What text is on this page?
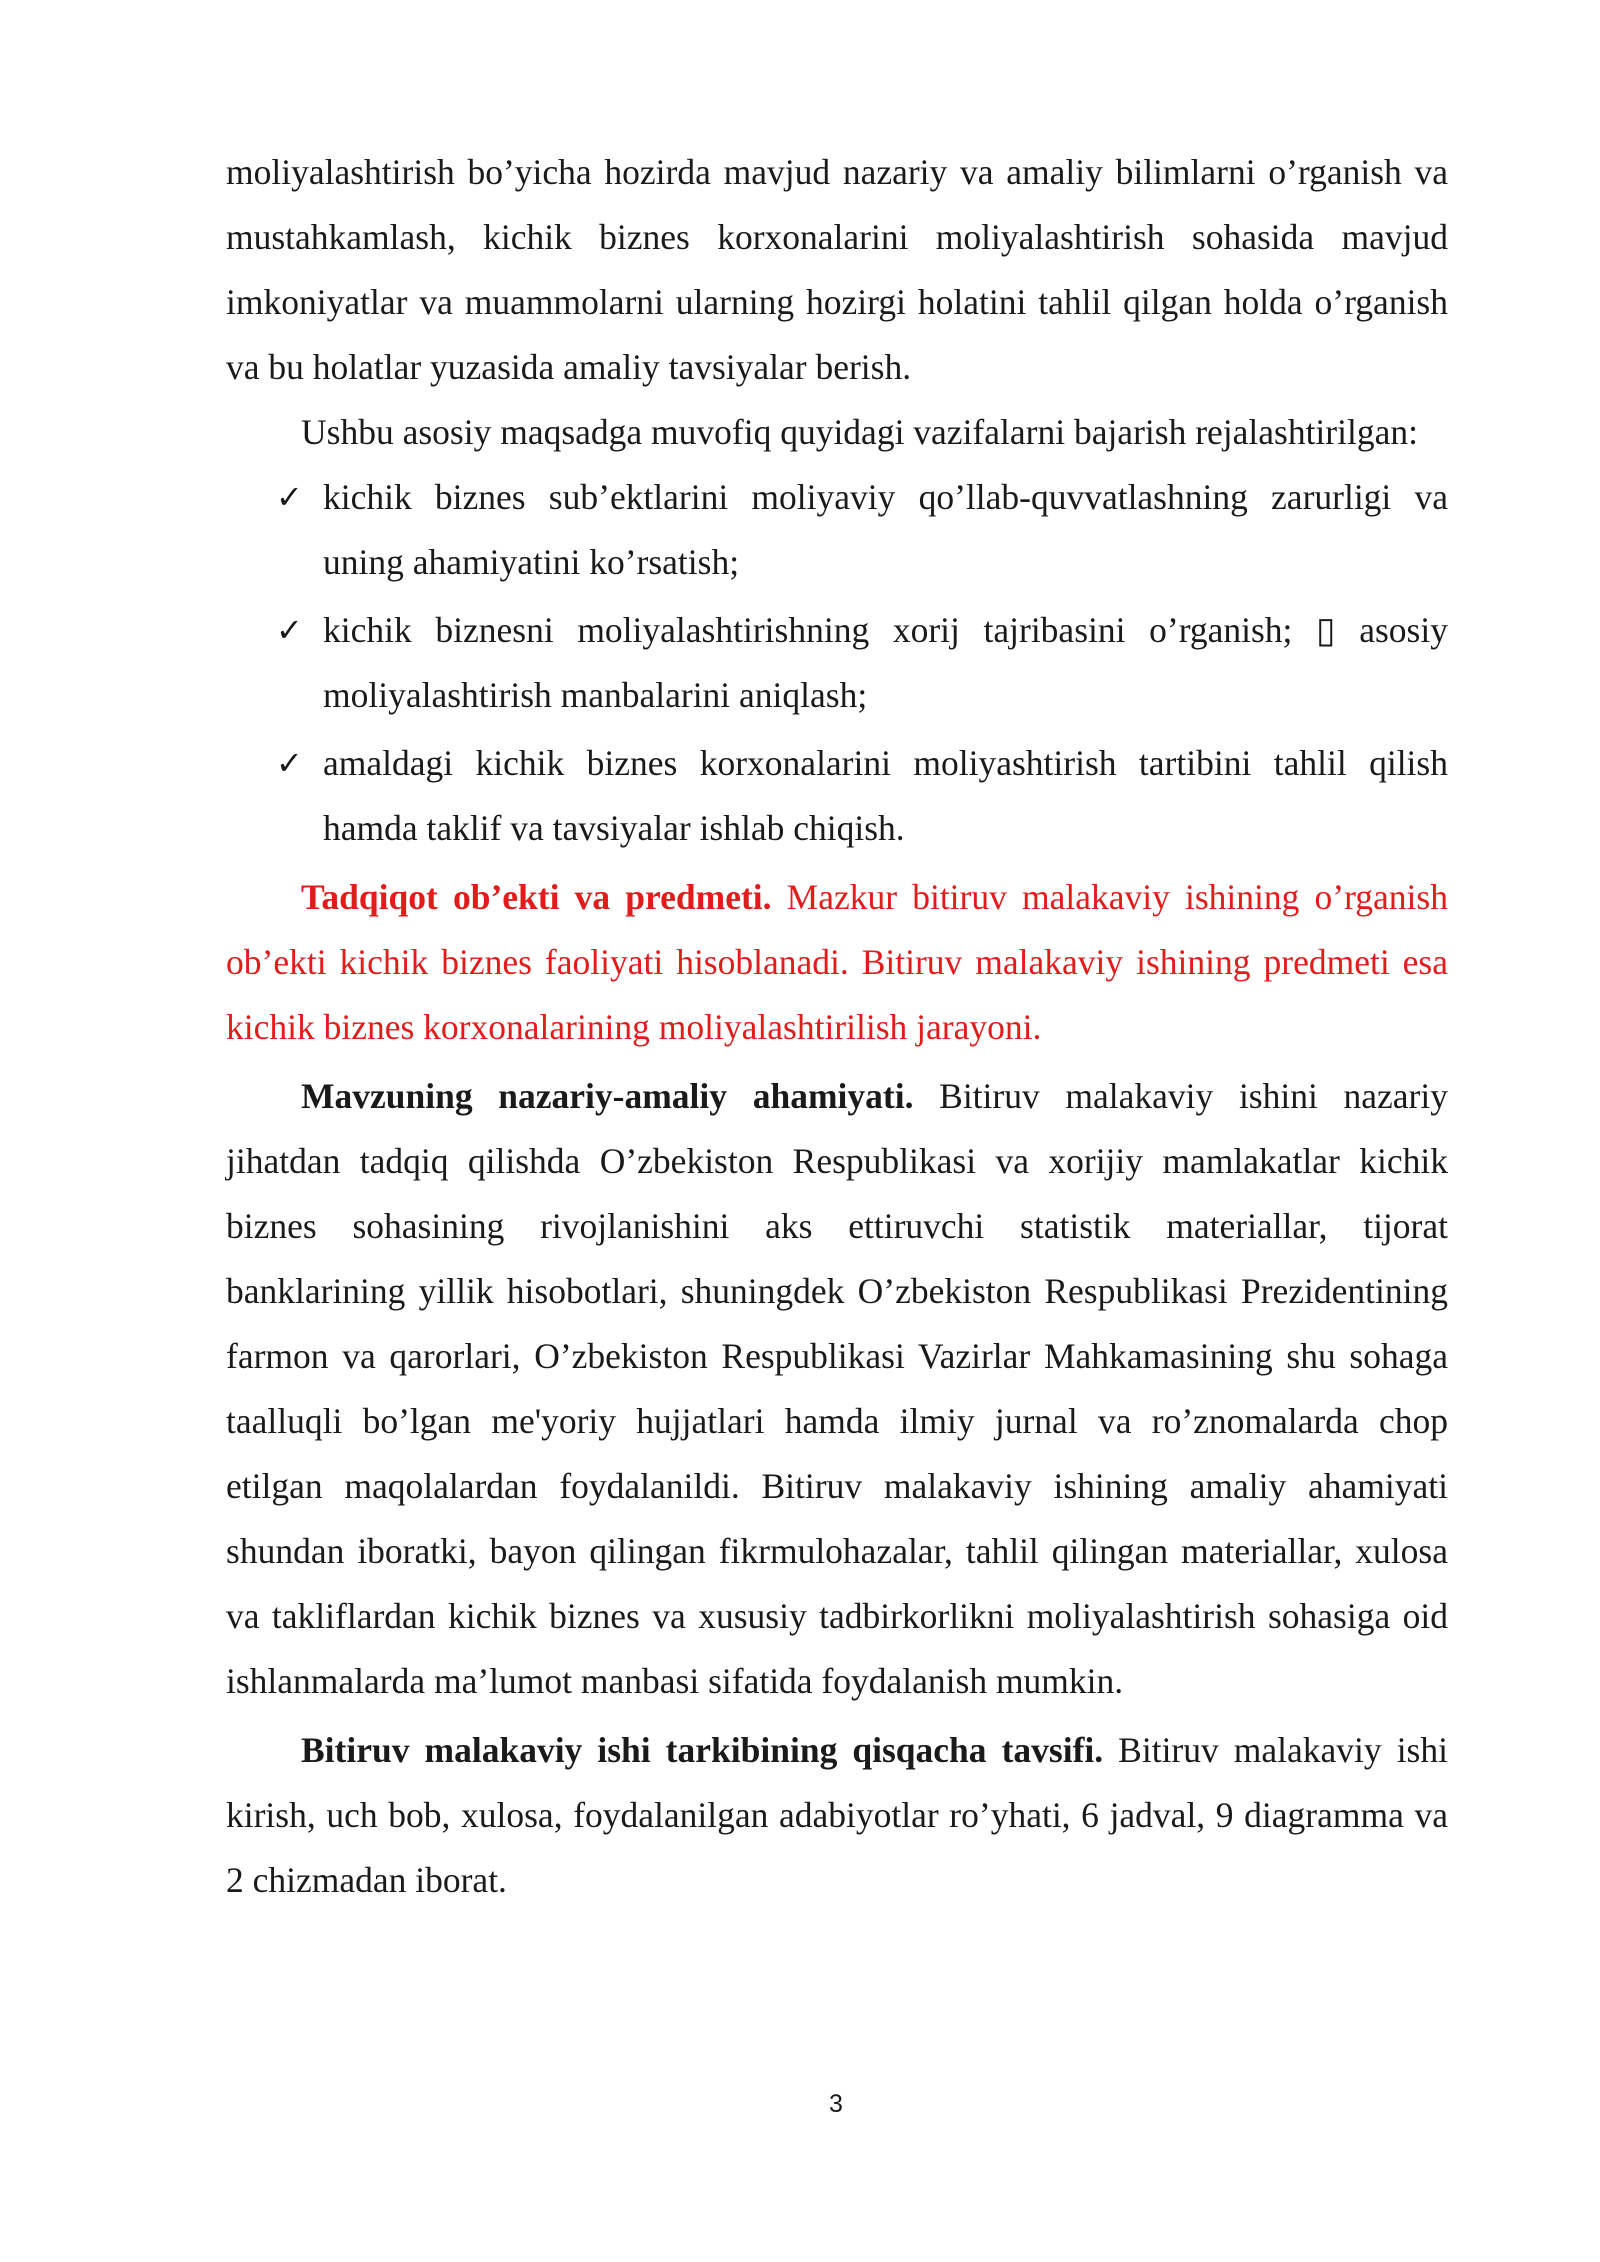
moliyalashtirish bo’yicha hozirda mavjud nazariy va amaliy bilimlarni o’rganish va mustahkamlash, kichik biznes korxonalarini moliyalashtirish sohasida mavjud imkoniyatlar va muammolarni ularning hozirgi holatini tahlil qilgan holda o’rganish va bu holatlar yuzasida amaliy tavsiyalar berish.

Ushbu asosiy maqsadga muvofiq quyidagi vazifalarni bajarish rejalashtirilgan:

✓ kichik biznes sub’ektlarini moliyaviy qo’llab-quvvatlashning zarurligi va uning ahamiyatini ko’rsatish;
✓ kichik biznesni moliyalashtirishning xorij tajribasini o’rganish; ▯ asosiy moliyalashtirish manbalarini aniqlash;
✓ amaldagi kichik biznes korxonalarini moliyashtirish tartibini tahlil qilish hamda taklif va tavsiyalar ishlab chiqish.

Tadqiqot ob’ekti va predmeti. Mazkur bitiruv malakaviy ishining o’rganish ob’ekti kichik biznes faoliyati hisoblanadi. Bitiruv malakaviy ishining predmeti esa kichik biznes korxonalarining moliyalashtirilish jarayoni.

Mavzuning nazariy-amaliy ahamiyati. Bitiruv malakaviy ishini nazariy jihatdan tadqiq qilishda O’zbekiston Respublikasi va xorijiy mamlakatlar kichik biznes sohasining rivojlanishini aks ettiruvchi statistik materiallar, tijorat banklarining yillik hisobotlari, shuningdek O’zbekiston Respublikasi Prezidentining farmon va qarorlari, O’zbekiston Respublikasi Vazirlar Mahkamasining shu sohaga taalluqli bo’lgan me'yoriy hujjatlari hamda ilmiy jurnal va ro’znomalarda chop etilgan maqolalardan foydalanildi. Bitiruv malakaviy ishining amaliy ahamiyati shundan iboratki, bayon qilingan fikrmulohazalar, tahlil qilingan materiallar, xulosa va takliflardan kichik biznes va xususiy tadbirkorlikni moliyalashtirish sohasiga oid ishlanmalarda ma’lumot manbasi sifatida foydalanish mumkin.

Bitiruv malakaviy ishi tarkibining qisqacha tavsifi. Bitiruv malakaviy ishi kirish, uch bob, xulosa, foydalanilgan adabiyotlar ro’yhati, 6 jadval, 9 diagramma va 2 chizmadan iborat.

3
